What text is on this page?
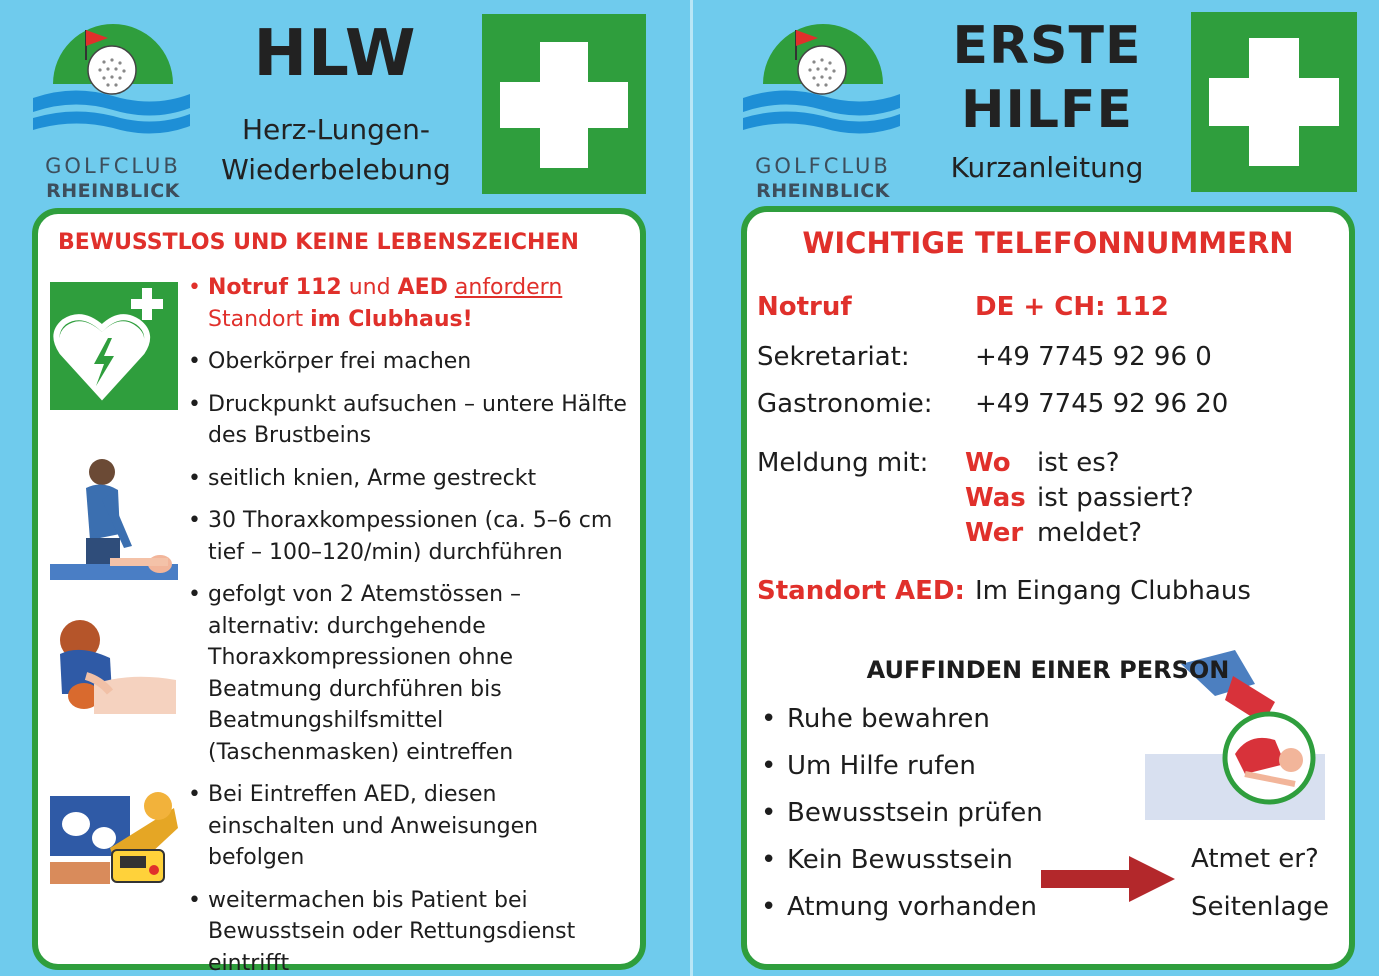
GOLFCLUB
RHEINBLICK
HLW
Herz-Lungen-
Wiederbelebung
BEWUSSTLOS UND KEINE LEBENSZEICHEN
• Notruf 112 und AED anfordern
Standort im Clubhaus!
• Oberkörper frei machen
• Druckpunkt aufsuchen – untere Hälfte des Brustbeins
• seitlich knien, Arme gestreckt
• 30 Thoraxkompessionen (ca. 5–6 cm tief – 100–120/min) durchführen
• gefolgt von 2 Atemstössen – alternativ: durchgehende Thoraxkompressionen ohne Beatmung durchführen bis Beatmungshilfsmittel (Taschenmasken) eintreffen
• Bei Eintreffen AED, diesen einschalten und Anweisungen befolgen
• weitermachen bis Patient bei Bewusstsein oder Rettungsdienst eintrifft
GOLFCLUB
RHEINBLICK
ERSTE
HILFE
Kurzanleitung
WICHTIGE TELEFONNUMMERN
Notruf	DE + CH: 112
Sekretariat:	+49 7745 92 96 0
Gastronomie: +49 7745 92 96 20
Meldung mit: Wo ist es?
Was ist passiert?
Wer meldet?
Standort AED: Im Eingang Clubhaus
AUFFINDEN EINER PERSON
• Ruhe bewahren
• Um Hilfe rufen
• Bewusstsein prüfen
• Kein Bewusstsein
• Atmung vorhanden
Atmet er?
Seitenlage
